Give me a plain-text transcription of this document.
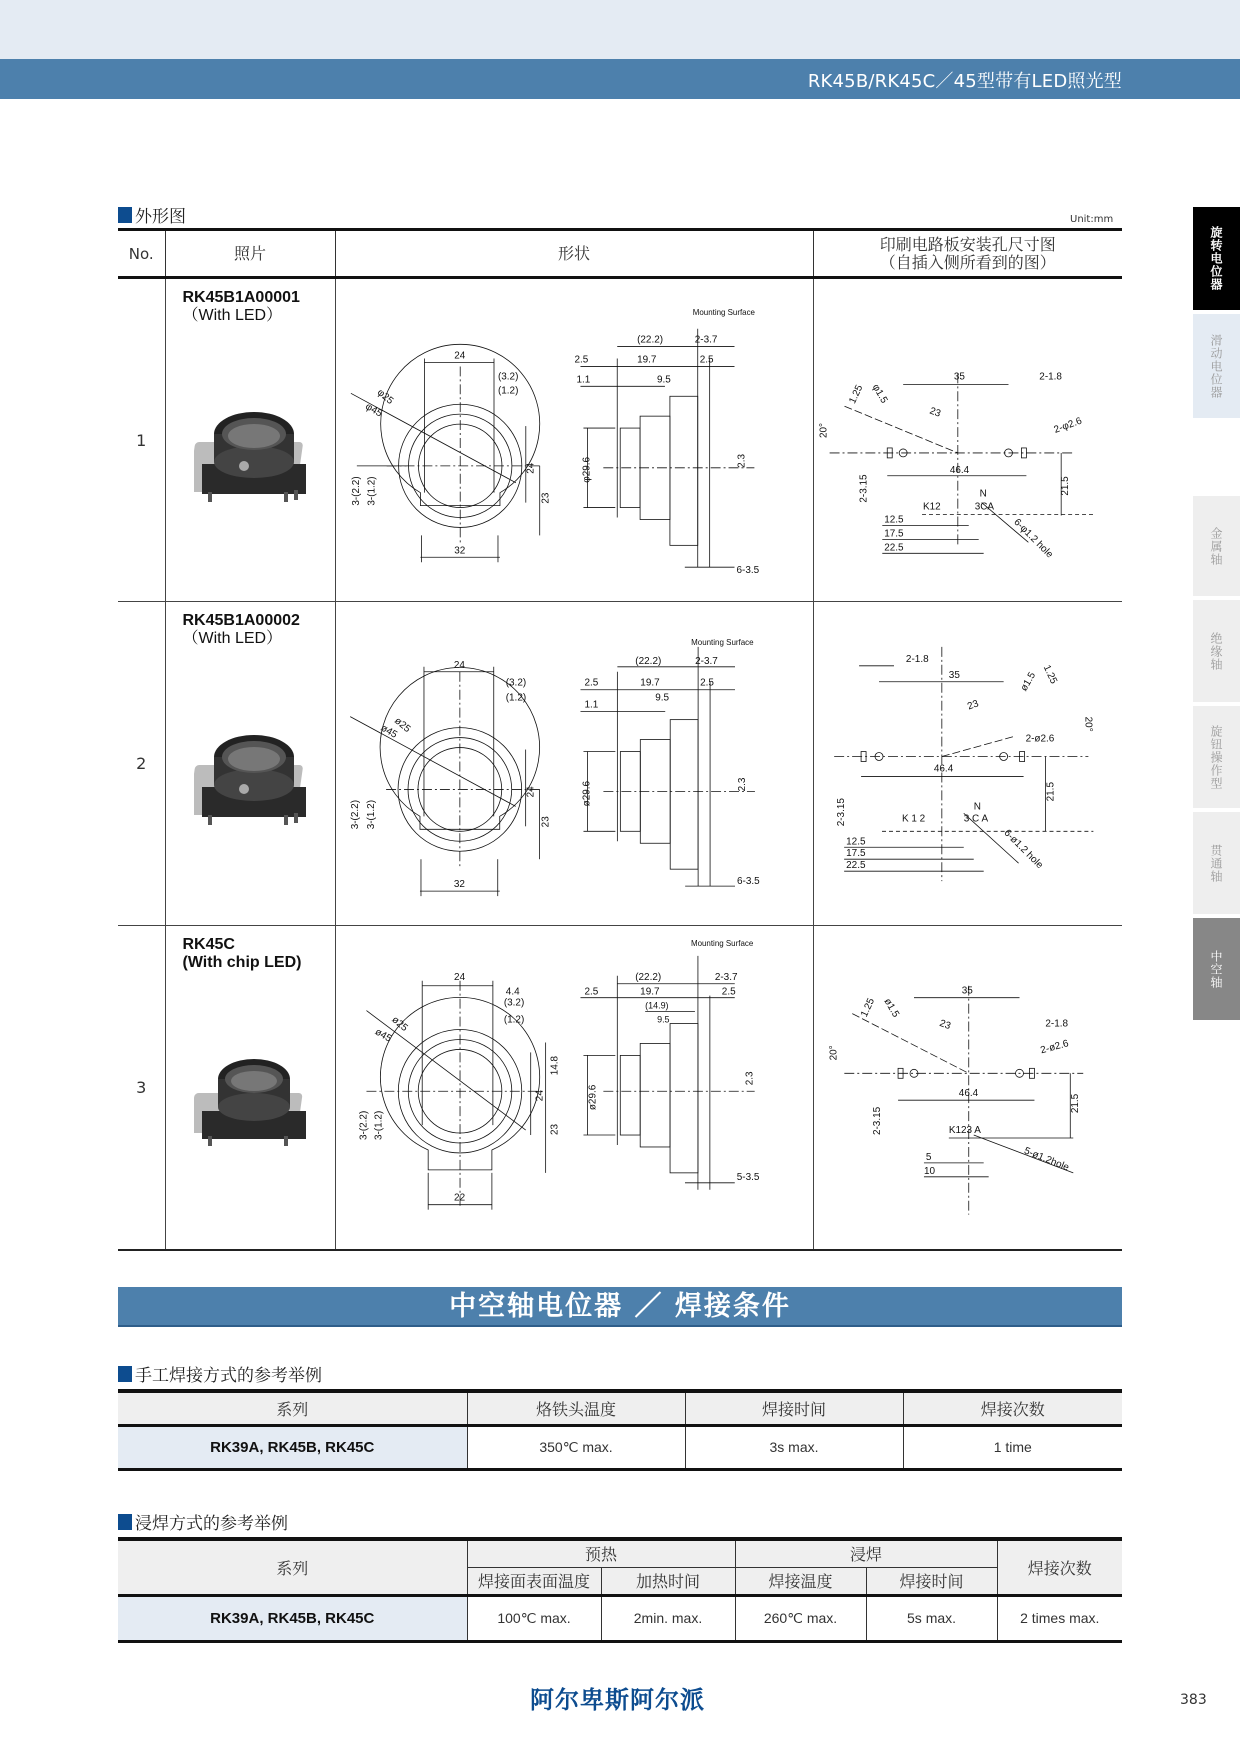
RK45B/RK45C／45型带有LED照光型
旋转电位器
滑动电位器
金属轴
绝缘轴
旋钮操作型
贯通轴
中空轴
外形图	Unit:mm
No.	照片	形状	印刷电路板安装孔尺寸图
（自插入侧所看到的图）

1	
RK45B1A00001
（With LED）

24
(3.2)
(1.2)
φ25
φ45
24
23
3-(2.2) 3-(1.2)
32
Mounting Surface
(22.2)	2-3.7
2.5	19.7	2.5
1.1	9.5
φ29.6	2.3
6-3.5

20°
1.25 φ1.5
35	2-1.8
23
2-φ2.6
46.4
2-3.15	21.5
K12
N
3CA
6-φ1.2 hole
12.5
17.5
22.5

2	
RK45B1A00002
（With LED）

24
(3.2)
(1.2)
ø25
ø45
24
23
3-(2.2) 3-(1.2)
32
Mounting Surface
(22.2)	2-3.7
2.5	19.7	2.5
1.1
9.5
ø29.6	2.3
6-3.5

2-1.8
35
23
ø1.5 1.25
20°
2-ø2.6
46.4
2-3.15
21.5
K 1 2
N
3 C A
6-ø1.2 hole
12.5
17.5
22.5

3	
RK45C
(With chip LED)

24
4.4
(3.2)
(1.2)
ø25
ø45
14.8
24
23
3-(2.2) 3-(1.2)
22
Mounting Surface
(22.2)	2-3.7
2.5	19.7	2.5
(14.9)
9.5
ø29.6
2.3
5-3.5

20°
1.25 ø1.5
35
2-1.8
23
2-ø2.6
46.4
2-3.15
21.5
K123 A
5-ø1.2hole
5
10
中空轴电位器 ／ 焊接条件
手工焊接方式的参考举例
系列	烙铁头温度	焊接时间	焊接次数
RK39A, RK45B, RK45C	350℃ max.	3s max.	1 time
浸焊方式的参考举例
系列	预热		浸焊		焊接次数
	焊接面表面温度	加热时间	焊接温度	焊接时间	
RK39A, RK45B, RK45C	100℃ max.	2min. max.	260℃ max.	5s max.	2 times max.
阿尔卑斯阿尔派	383
